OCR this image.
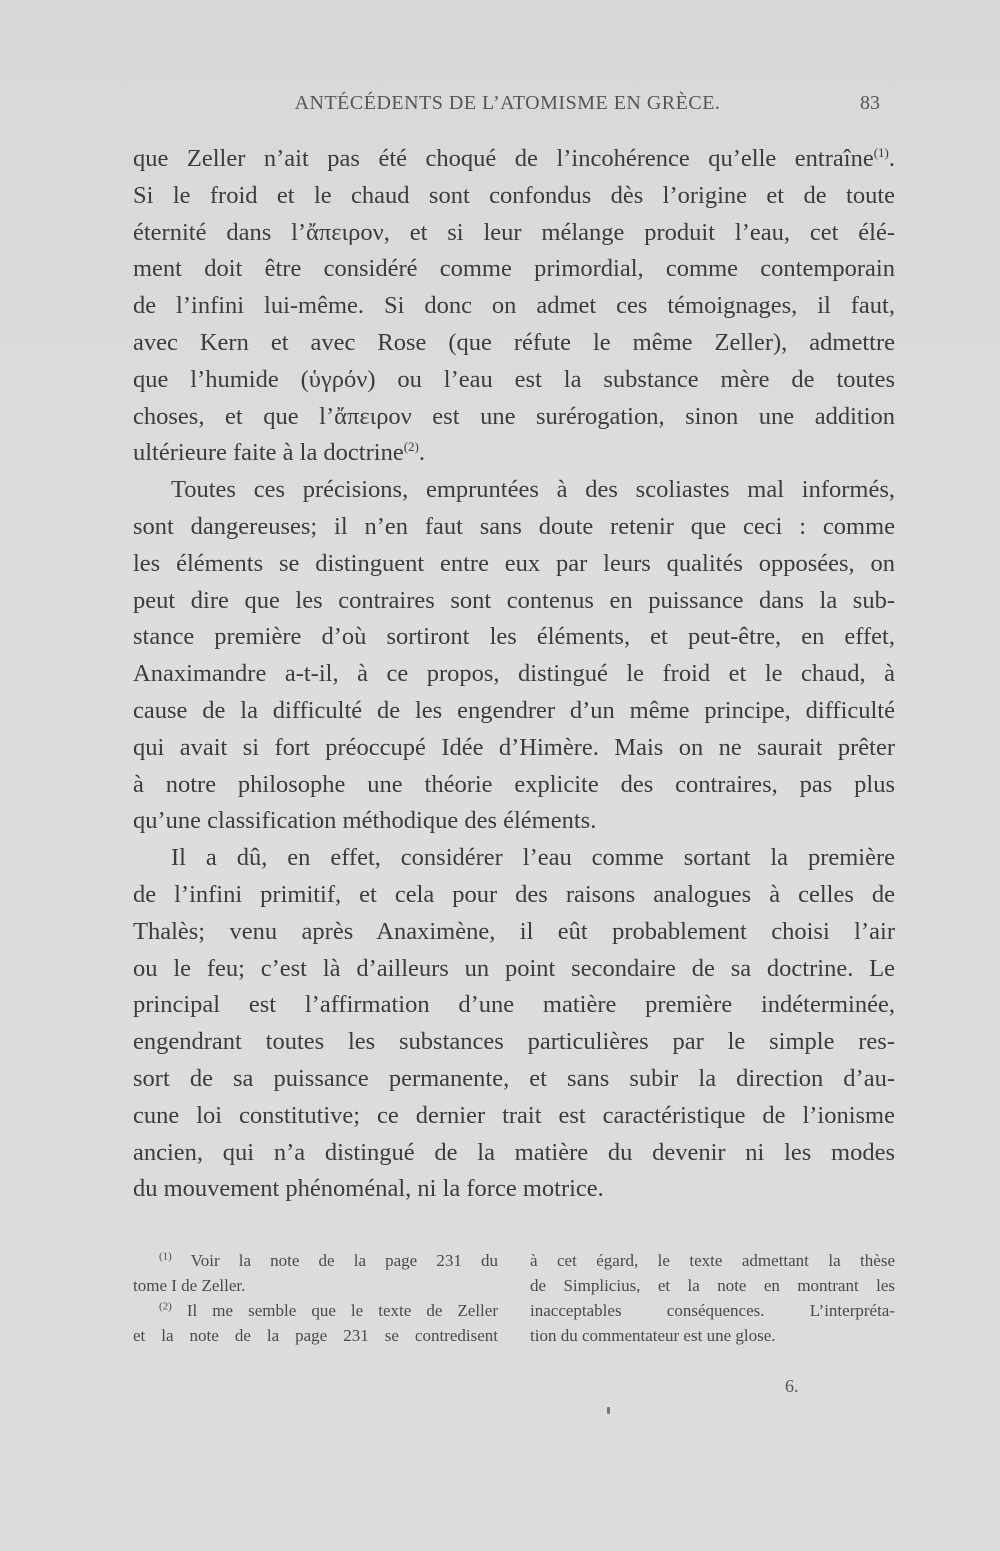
ANTÉCÉDENTS DE L’ATOMISME EN GRÈCE.	83
que Zeller n’ait pas été choqué de l’incohérence qu’elle entraîne$^{(1)}$.
Si le froid et le chaud sont confondus dès l’origine et de toute
éternité dans l’ἄπειρον, et si leur mélange produit l’eau, cet élé-
ment doit être considéré comme primordial, comme contemporain
de l’infini lui-même. Si donc on admet ces témoignages, il faut,
avec Kern et avec Rose (que réfute le même Zeller), admettre
que l’humide (ὑγρόν) ou l’eau est la substance mère de toutes
choses, et que l’ἄπειρον est une surérogation, sinon une addition
ultérieure faite à la doctrine$^{(2)}$.
Toutes ces précisions, empruntées à des scoliastes mal informés,
sont dangereuses; il n’en faut sans doute retenir que ceci : comme
les éléments se distinguent entre eux par leurs qualités opposées, on
peut dire que les contraires sont contenus en puissance dans la sub-
stance première d’où sortiront les éléments, et peut-être, en effet,
Anaximandre a-t-il, à ce propos, distingué le froid et le chaud, à
cause de la difficulté de les engendrer d’un même principe, difficulté
qui avait si fort préoccupé Idée d’Himère. Mais on ne saurait prêter
à notre philosophe une théorie explicite des contraires, pas plus
qu’une classification méthodique des éléments.
Il a dû, en effet, considérer l’eau comme sortant la première
de l’infini primitif, et cela pour des raisons analogues à celles de
Thalès; venu après Anaximène, il eût probablement choisi l’air
ou le feu; c’est là d’ailleurs un point secondaire de sa doctrine. Le
principal est l’affirmation d’une matière première indéterminée,
engendrant toutes les substances particulières par le simple res-
sort de sa puissance permanente, et sans subir la direction d’au-
cune loi constitutive; ce dernier trait est caractéristique de l’ionisme
ancien, qui n’a distingué de la matière du devenir ni les modes
du mouvement phénoménal, ni la force motrice.
$^{(1)}$ Voir la note de la page 231 du
tome I de Zeller.
$^{(2)}$ Il me semble que le texte de Zeller
et la note de la page 231 se contredisent
à cet égard, le texte admettant la thèse
de Simplicius, et la note en montrant les
inacceptables conséquences. L’interpréta-
tion du commentateur est une glose.
6.
